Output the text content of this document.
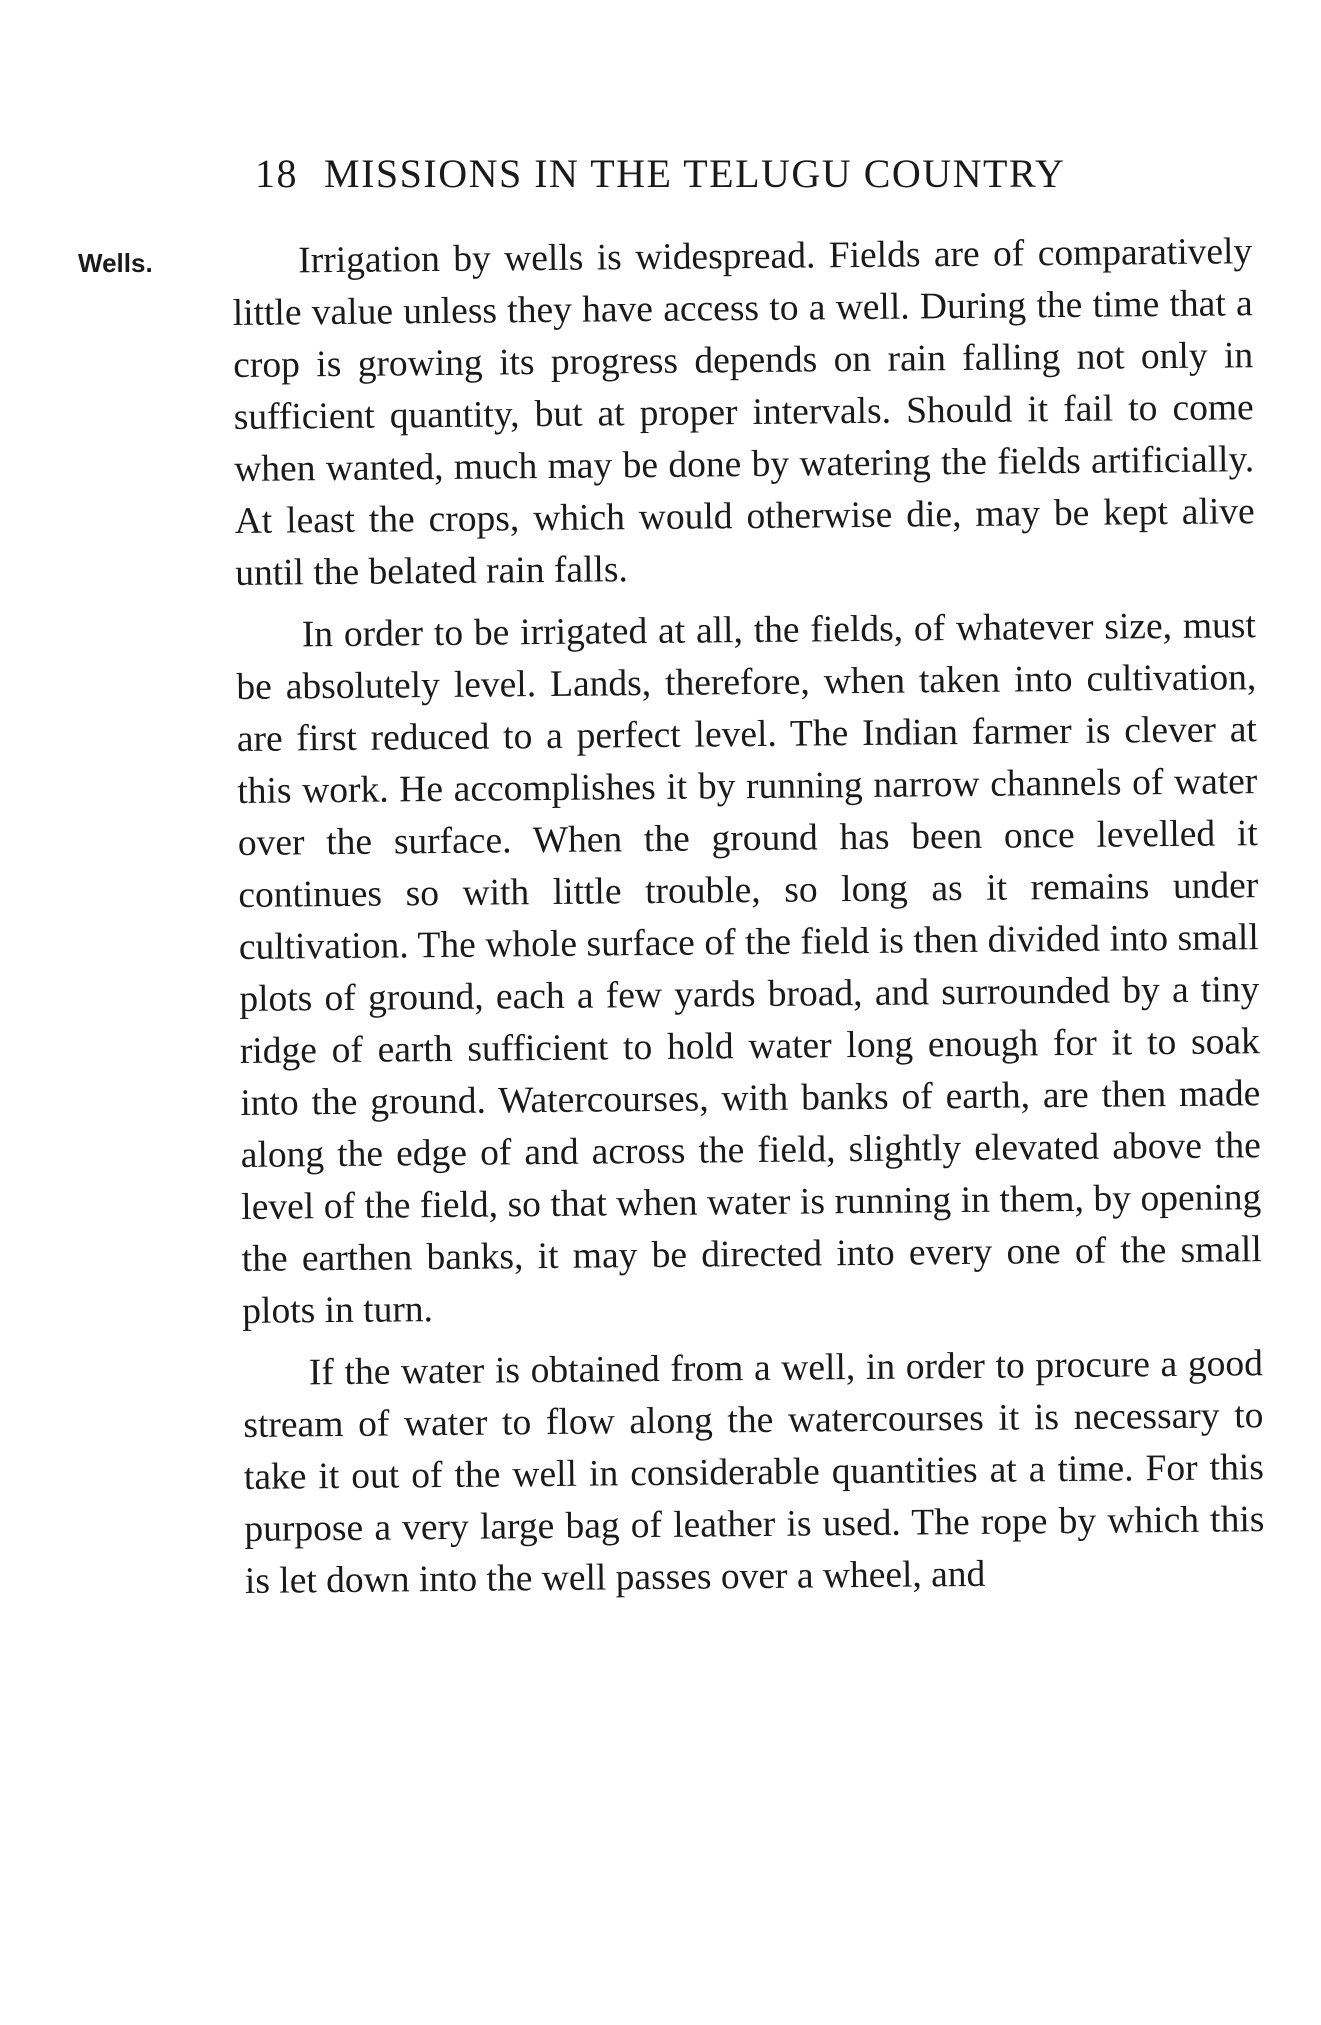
18 MISSIONS IN THE TELUGU COUNTRY
Wells.	Irrigation by wells is widespread. Fields are of comparatively little value unless they have access to a well. During the time that a crop is growing its progress depends on rain falling not only in sufficient quantity, but at proper intervals. Should it fail to come when wanted, much may be done by watering the fields artificially. At least the crops, which would otherwise die, may be kept alive until the belated rain falls.

In order to be irrigated at all, the fields, of whatever size, must be absolutely level. Lands, therefore, when taken into cultivation, are first reduced to a perfect level. The Indian farmer is clever at this work. He accomplishes it by running narrow channels of water over the surface. When the ground has been once levelled it continues so with little trouble, so long as it remains under cultivation. The whole surface of the field is then divided into small plots of ground, each a few yards broad, and surrounded by a tiny ridge of earth sufficient to hold water long enough for it to soak into the ground. Watercourses, with banks of earth, are then made along the edge of and across the field, slightly elevated above the level of the field, so that when water is running in them, by opening the earthen banks, it may be directed into every one of the small plots in turn.

If the water is obtained from a well, in order to procure a good stream of water to flow along the watercourses it is necessary to take it out of the well in considerable quantities at a time. For this purpose a very large bag of leather is used. The rope by which this is let down into the well passes over a wheel, and
